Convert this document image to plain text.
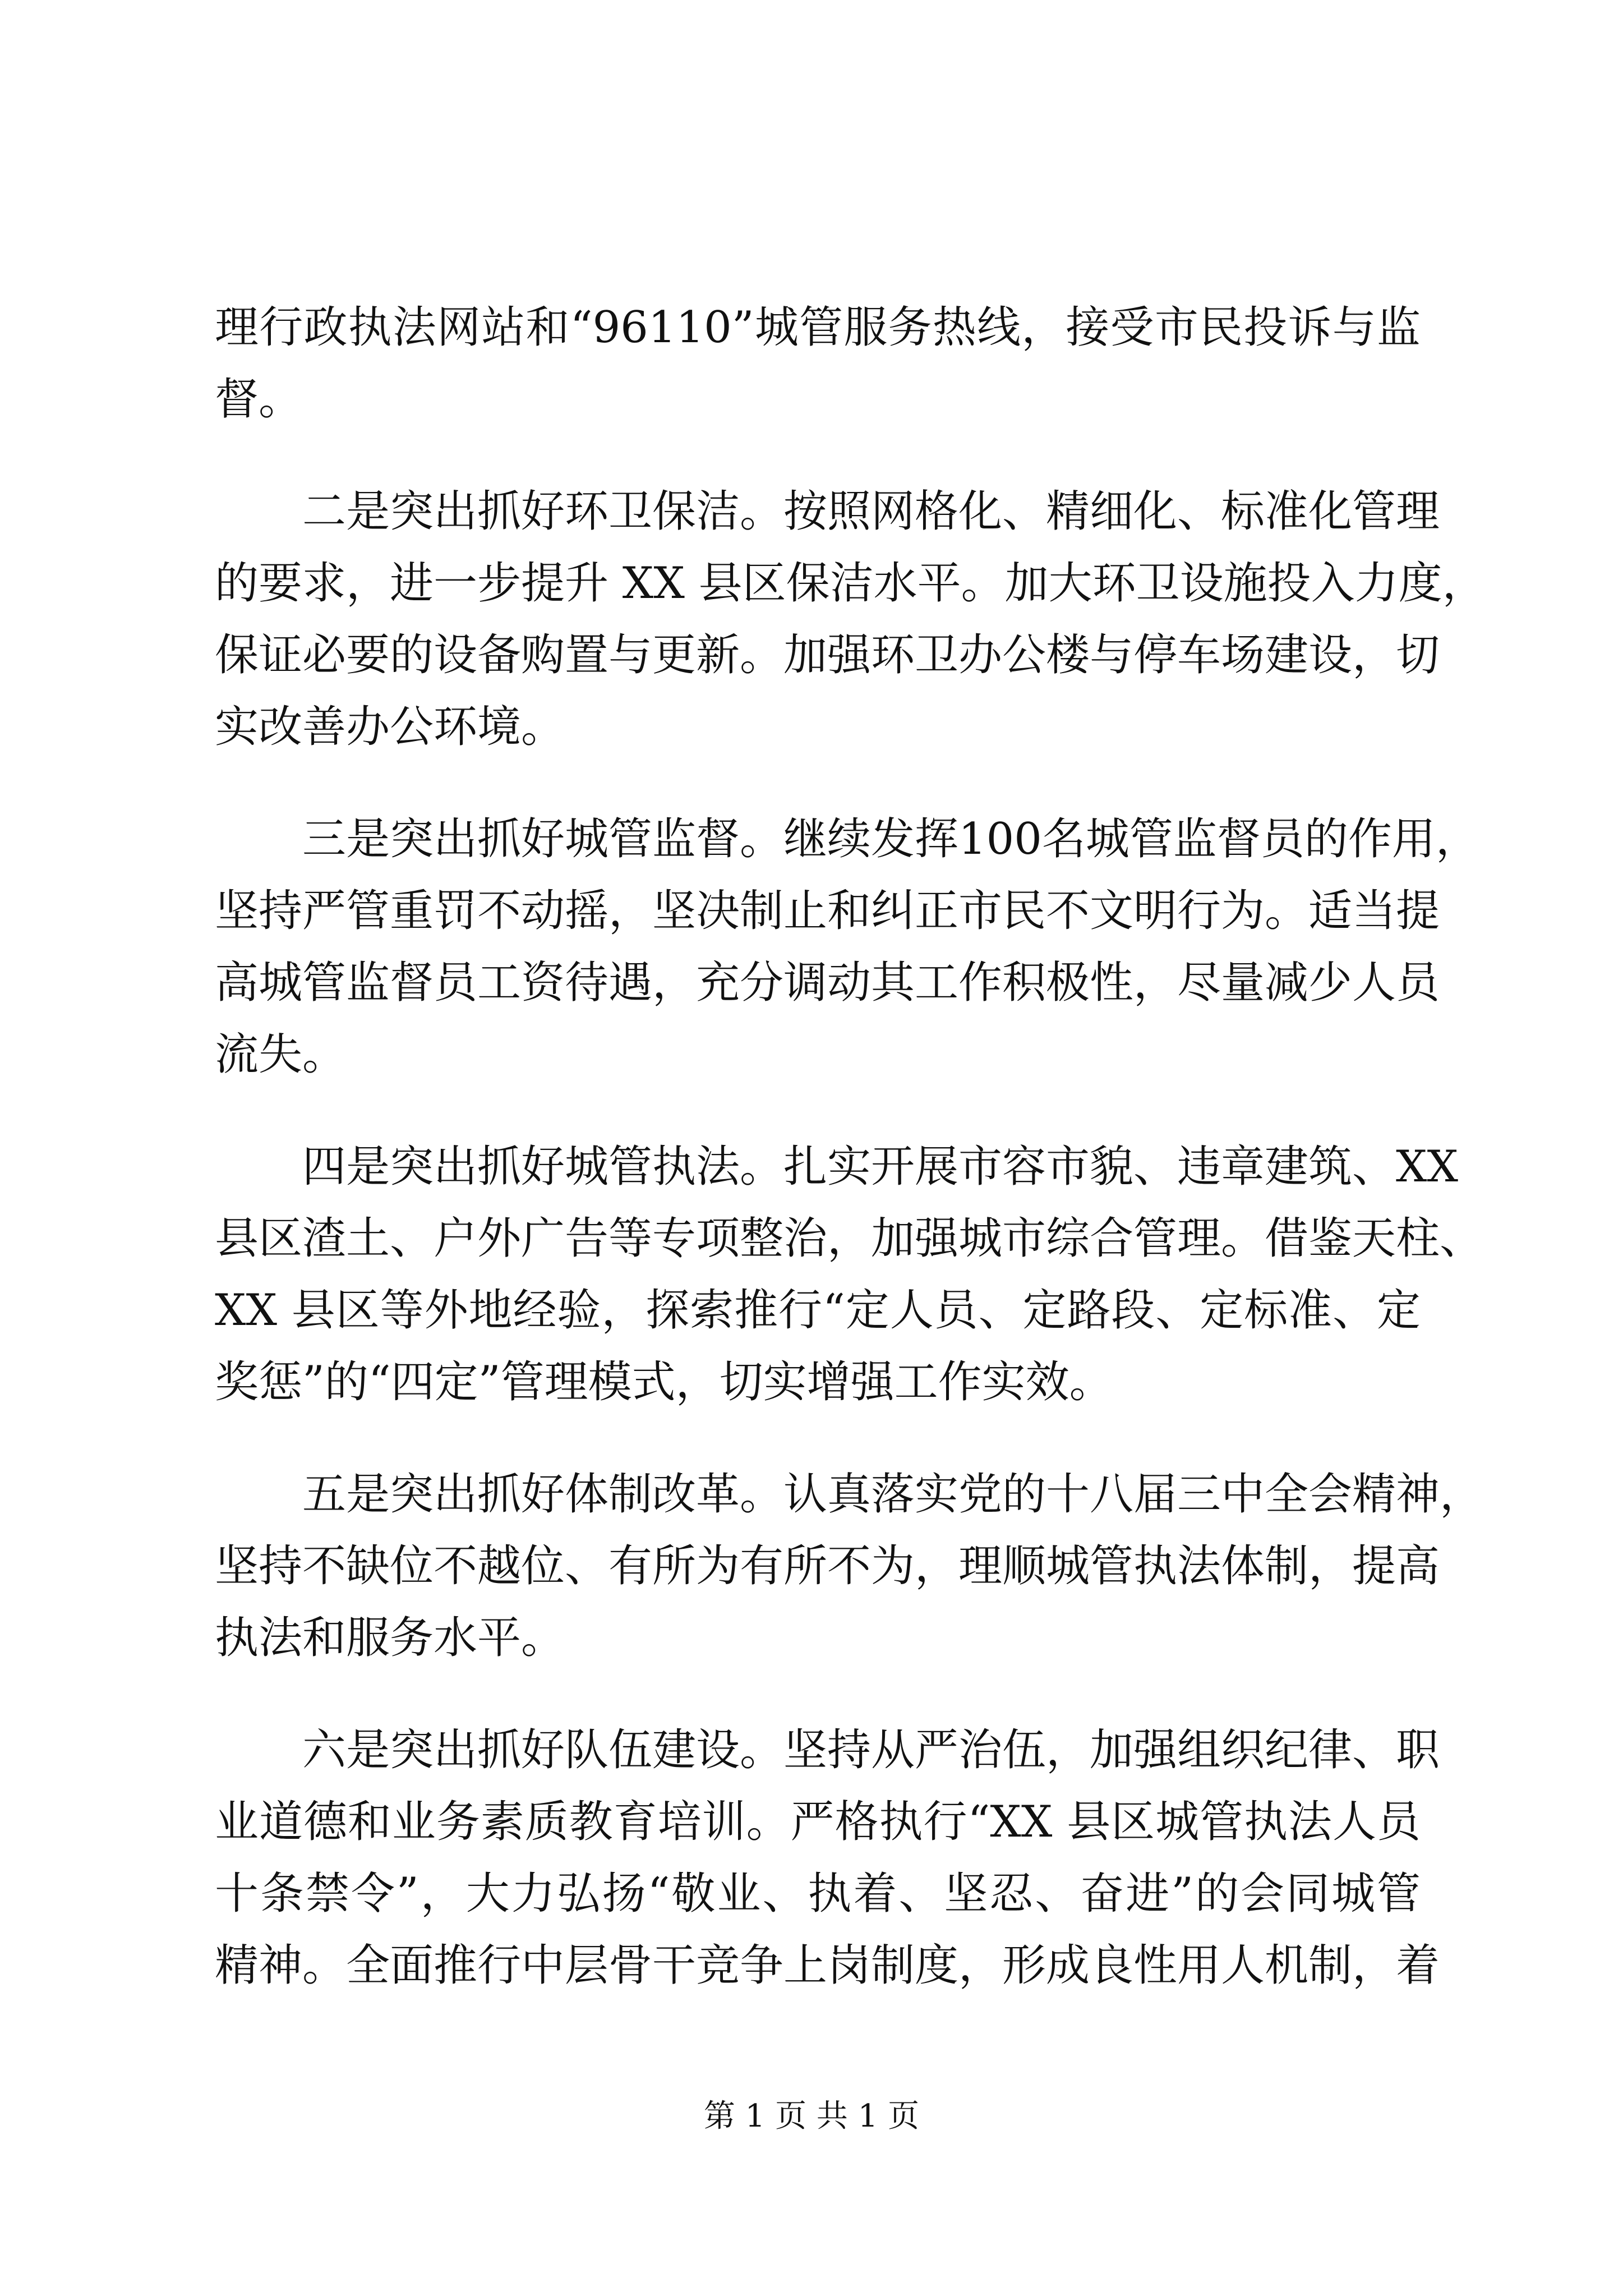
理行政执法网站和“96110”城管服务热线，接受市民投诉与监
督。
二是突出抓好环卫保洁。按照网格化、精细化、标准化管理
的要求，进一步提升 XX 县区保洁水平。加大环卫设施投入力度，
保证必要的设备购置与更新。加强环卫办公楼与停车场建设，切
实改善办公环境。
三是突出抓好城管监督。继续发挥100名城管监督员的作用，
坚持严管重罚不动摇，坚决制止和纠正市民不文明行为。适当提
高城管监督员工资待遇，充分调动其工作积极性，尽量减少人员
流失。
四是突出抓好城管执法。扎实开展市容市貌、违章建筑、XX
县区渣土、户外广告等专项整治，加强城市综合管理。借鉴天柱、
XX 县区等外地经验，探索推行“定人员、定路段、定标准、定
奖惩”的“四定”管理模式，切实增强工作实效。
五是突出抓好体制改革。认真落实党的十八届三中全会精神，
坚持不缺位不越位、有所为有所不为，理顺城管执法体制，提高
执法和服务水平。
六是突出抓好队伍建设。坚持从严治伍，加强组织纪律、职
业道德和业务素质教育培训。严格执行“XX 县区城管执法人员
十条禁令”，大力弘扬“敬业、执着、坚忍、奋进”的会同城管
精神。全面推行中层骨干竞争上岗制度，形成良性用人机制，着
第 1 页 共 1 页
